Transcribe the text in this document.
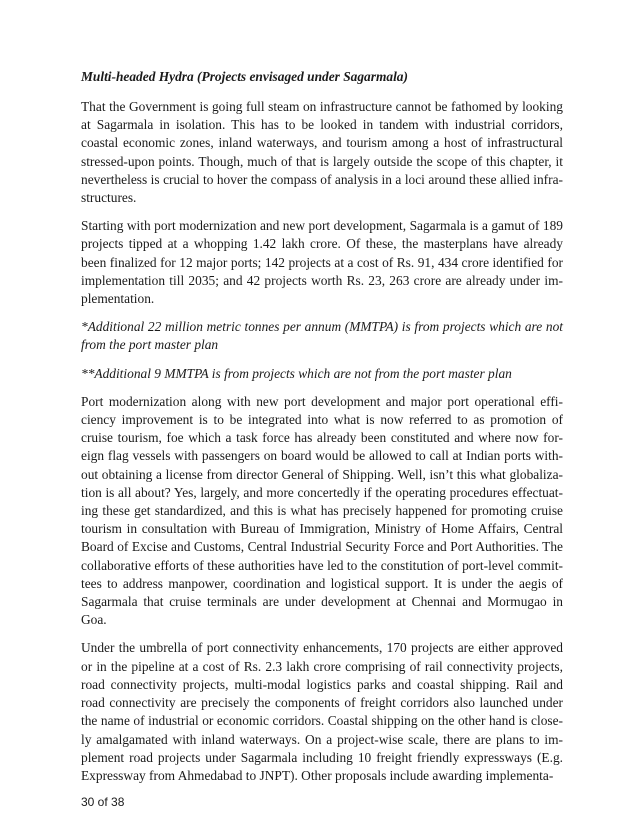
Multi-headed Hydra (Projects envisaged under Sagarmala)

That the Government is going full steam on infrastructure cannot be fathomed by looking at Sagarmala in isolation. This has to be looked in tandem with industrial corridors, coastal economic zones, inland waterways, and tourism among a host of infrastructural stressed-upon points. Though, much of that is largely outside the scope of this chapter, it nevertheless is crucial to hover the compass of analysis in a loci around these allied infra-structures.

Starting with port modernization and new port development, Sagarmala is a gamut of 189 projects tipped at a whopping 1.42 lakh crore. Of these, the masterplans have already been finalized for 12 major ports; 142 projects at a cost of Rs. 91, 434 crore identified for implementation till 2035; and 42 projects worth Rs. 23, 263 crore are already under im-plementation.

*Additional 22 million metric tonnes per annum (MMTPA) is from projects which are not from the port master plan

**Additional 9 MMTPA is from projects which are not from the port master plan

Port modernization along with new port development and major port operational effi-ciency improvement is to be integrated into what is now referred to as promotion of cruise tourism, foe which a task force has already been constituted and where now for-eign flag vessels with passengers on board would be allowed to call at Indian ports with-out obtaining a license from director General of Shipping. Well, isn’t this what globaliza-tion is all about? Yes, largely, and more concertedly if the operating procedures effectuat-ing these get standardized, and this is what has precisely happened for promoting cruise tourism in consultation with Bureau of Immigration, Ministry of Home Affairs, Central Board of Excise and Customs, Central Industrial Security Force and Port Authorities. The collaborative efforts of these authorities have led to the constitution of port-level commit-tees to address manpower, coordination and logistical support. It is under the aegis of Sagarmala that cruise terminals are under development at Chennai and Mormugao in Goa.

Under the umbrella of port connectivity enhancements, 170 projects are either approved or in the pipeline at a cost of Rs. 2.3 lakh crore comprising of rail connectivity projects, road connectivity projects, multi-modal logistics parks and coastal shipping. Rail and road connectivity are precisely the components of freight corridors also launched under the name of industrial or economic corridors. Coastal shipping on the other hand is close-ly amalgamated with inland waterways. On a project-wise scale, there are plans to im-plement road projects under Sagarmala including 10 freight friendly expressways (E.g. Expressway from Ahmedabad to JNPT). Other proposals include awarding implementa-

30 of 38
